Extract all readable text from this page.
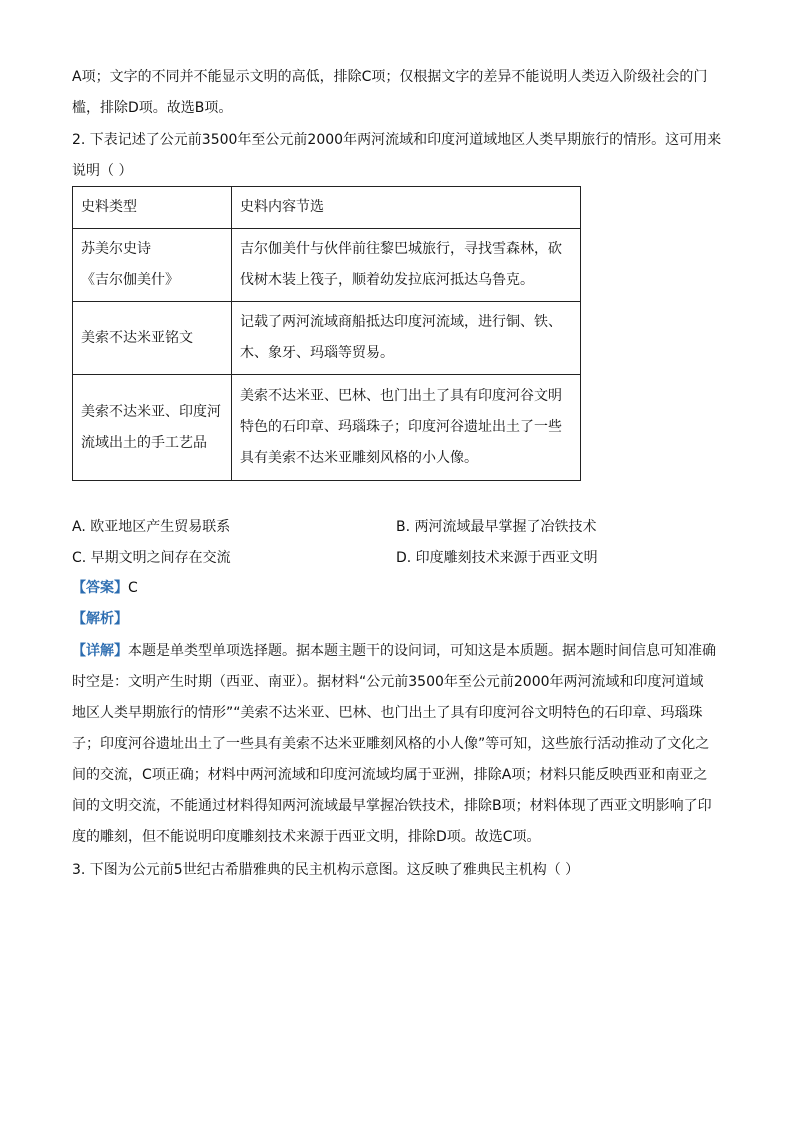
A项；文字的不同并不能显示文明的高低，排除C项；仅根据文字的差异不能说明人类迈入阶级社会的门
槛，排除D项。故选B项。
2. 下表记述了公元前3500年至公元前2000年两河流域和印度河道域地区人类早期旅行的情形。这可用来
说明（ ）
史料类型	史料内容节选

苏美尔史诗
《吉尔伽美什》	吉尔伽美什与伙伴前往黎巴城旅行，寻找雪森林，砍
伐树木装上筏子，顺着幼发拉底河抵达乌鲁克。

美索不达米亚铭文	记载了两河流域商船抵达印度河流域，进行铜、铁、
木、象牙、玛瑙等贸易。

美索不达米亚、印度河
流域出土的手工艺品	美索不达米亚、巴林、也门出土了具有印度河谷文明
特色的石印章、玛瑙珠子；印度河谷遗址出土了一些
具有美索不达米亚雕刻风格的小人像。
A. 欧亚地区产生贸易联系	B. 两河流域最早掌握了冶铁技术
C. 早期文明之间存在交流	D. 印度雕刻技术来源于西亚文明
【答案】C
【解析】
【详解】本题是单类型单项选择题。据本题主题干的设问词，可知这是本质题。据本题时间信息可知准确
时空是：文明产生时期（西亚、南亚）。据材料“公元前3500年至公元前2000年两河流域和印度河道域
地区人类早期旅行的情形”“美索不达米亚、巴林、也门出土了具有印度河谷文明特色的石印章、玛瑙珠
子；印度河谷遗址出土了一些具有美索不达米亚雕刻风格的小人像”等可知，这些旅行活动推动了文化之
间的交流，C项正确；材料中两河流域和印度河流域均属于亚洲，排除A项；材料只能反映西亚和南亚之
间的文明交流，不能通过材料得知两河流域最早掌握冶铁技术，排除B项；材料体现了西亚文明影响了印
度的雕刻，但不能说明印度雕刻技术来源于西亚文明，排除D项。故选C项。
3. 下图为公元前5世纪古希腊雅典的民主机构示意图。这反映了雅典民主机构（ ）
